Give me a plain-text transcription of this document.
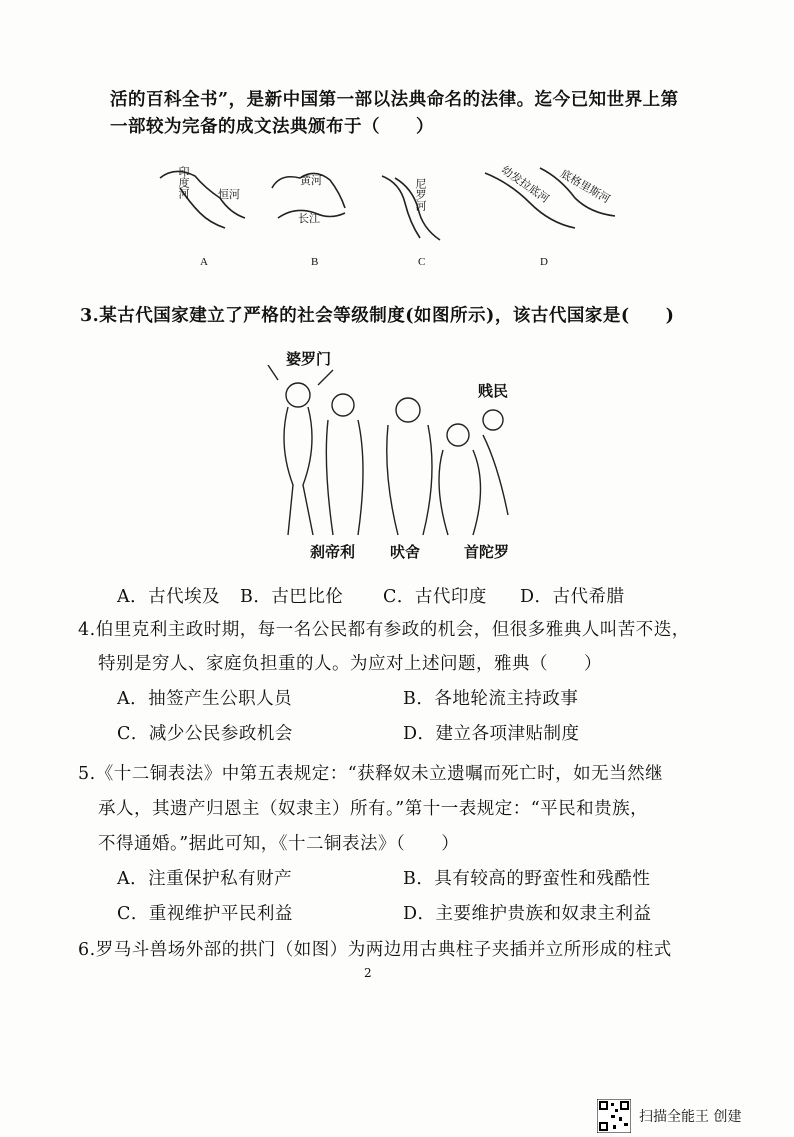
活的百科全书”，是新中国第一部以法典命名的法律。迄今已知世界上第
一部较为完备的成文法典颁布于（　　）
印度河	恒河
黄河
长江
尼罗河	幼发拉底河 底格里斯河
A	B	C	D
3.某古代国家建立了严格的社会等级制度(如图所示)，该古代国家是(　　)
婆罗门
贱民
刹帝利 吠舍	首陀罗
A．古代埃及 B．古巴比伦 C．古代印度 D．古代希腊
4.伯里克利主政时期，每一名公民都有参政的机会，但很多雅典人叫苦不迭，
特别是穷人、家庭负担重的人。为应对上述问题，雅典（　　）
A．抽签产生公职人员	B．各地轮流主持政事
C．减少公民参政机会	D．建立各项津贴制度
5.《十二铜表法》中第五表规定：“获释奴未立遗嘱而死亡时，如无当然继
承人，其遗产归恩主（奴隶主）所有。”第十一表规定：“平民和贵族，
不得通婚。”据此可知，《十二铜表法》（　　）
A．注重保护私有财产	B．具有较高的野蛮性和残酷性
C．重视维护平民利益	D．主要维护贵族和奴隶主利益
6.罗马斗兽场外部的拱门（如图）为两边用古典柱子夹插并立所形成的柱式
2
扫描全能王 创建
